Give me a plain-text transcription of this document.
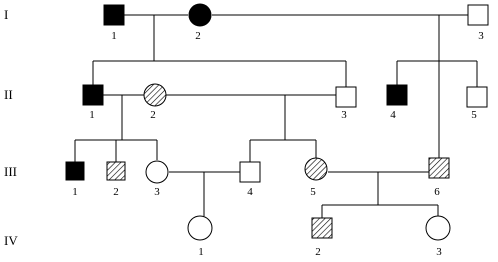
I
II
III
IV
1	2	3
1	2	3	4	5
1	2	3	4	5	6
1	2	3
